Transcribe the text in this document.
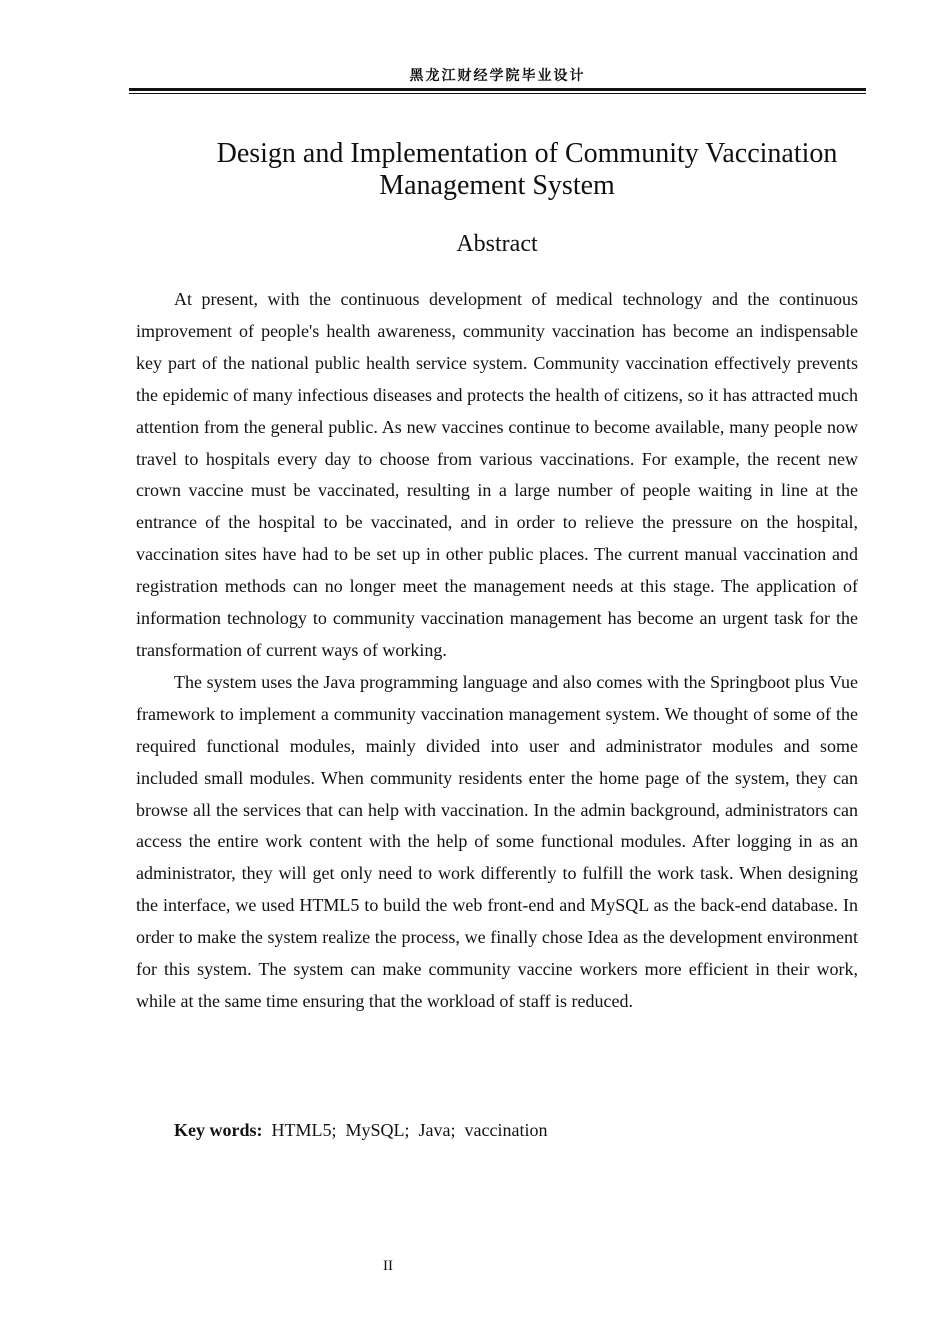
黑龙江财经学院毕业设计
Design and Implementation of Community Vaccination
Management System
Abstract

At present, with the continuous development of medical technology and the continuous improvement of people's health awareness, community vaccination has become an indispensable key part of the national public health service system. Community vaccination effectively prevents the epidemic of many infectious diseases and protects the health of citizens, so it has attracted much attention from the general public. As new vaccines continue to become available, many people now travel to hospitals every day to choose from various vaccinations. For example, the recent new crown vaccine must be vaccinated, resulting in a large number of people waiting in line at the entrance of the hospital to be vaccinated, and in order to relieve the pressure on the hospital, vaccination sites have had to be set up in other public places. The current manual vaccination and registration methods can no longer meet the management needs at this stage. The application of information technology to community vaccination management has become an urgent task for the transformation of current ways of working.

The system uses the Java programming language and also comes with the Springboot plus Vue framework to implement a community vaccination management system. We thought of some of the required functional modules, mainly divided into user and administrator modules and some included small modules. When community residents enter the home page of the system, they can browse all the services that can help with vaccination. In the admin background, administrators can access the entire work content with the help of some functional modules. After logging in as an administrator, they will get only need to work differently to fulfill the work task. When designing the interface, we used HTML5 to build the web front-end and MySQL as the back-end database. In order to make the system realize the process, we finally chose Idea as the development environment for this system. The system can make community vaccine workers more efficient in their work, while at the same time ensuring that the workload of staff is reduced.

Key words: HTML5;  MySQL;  Java;  vaccination
II
